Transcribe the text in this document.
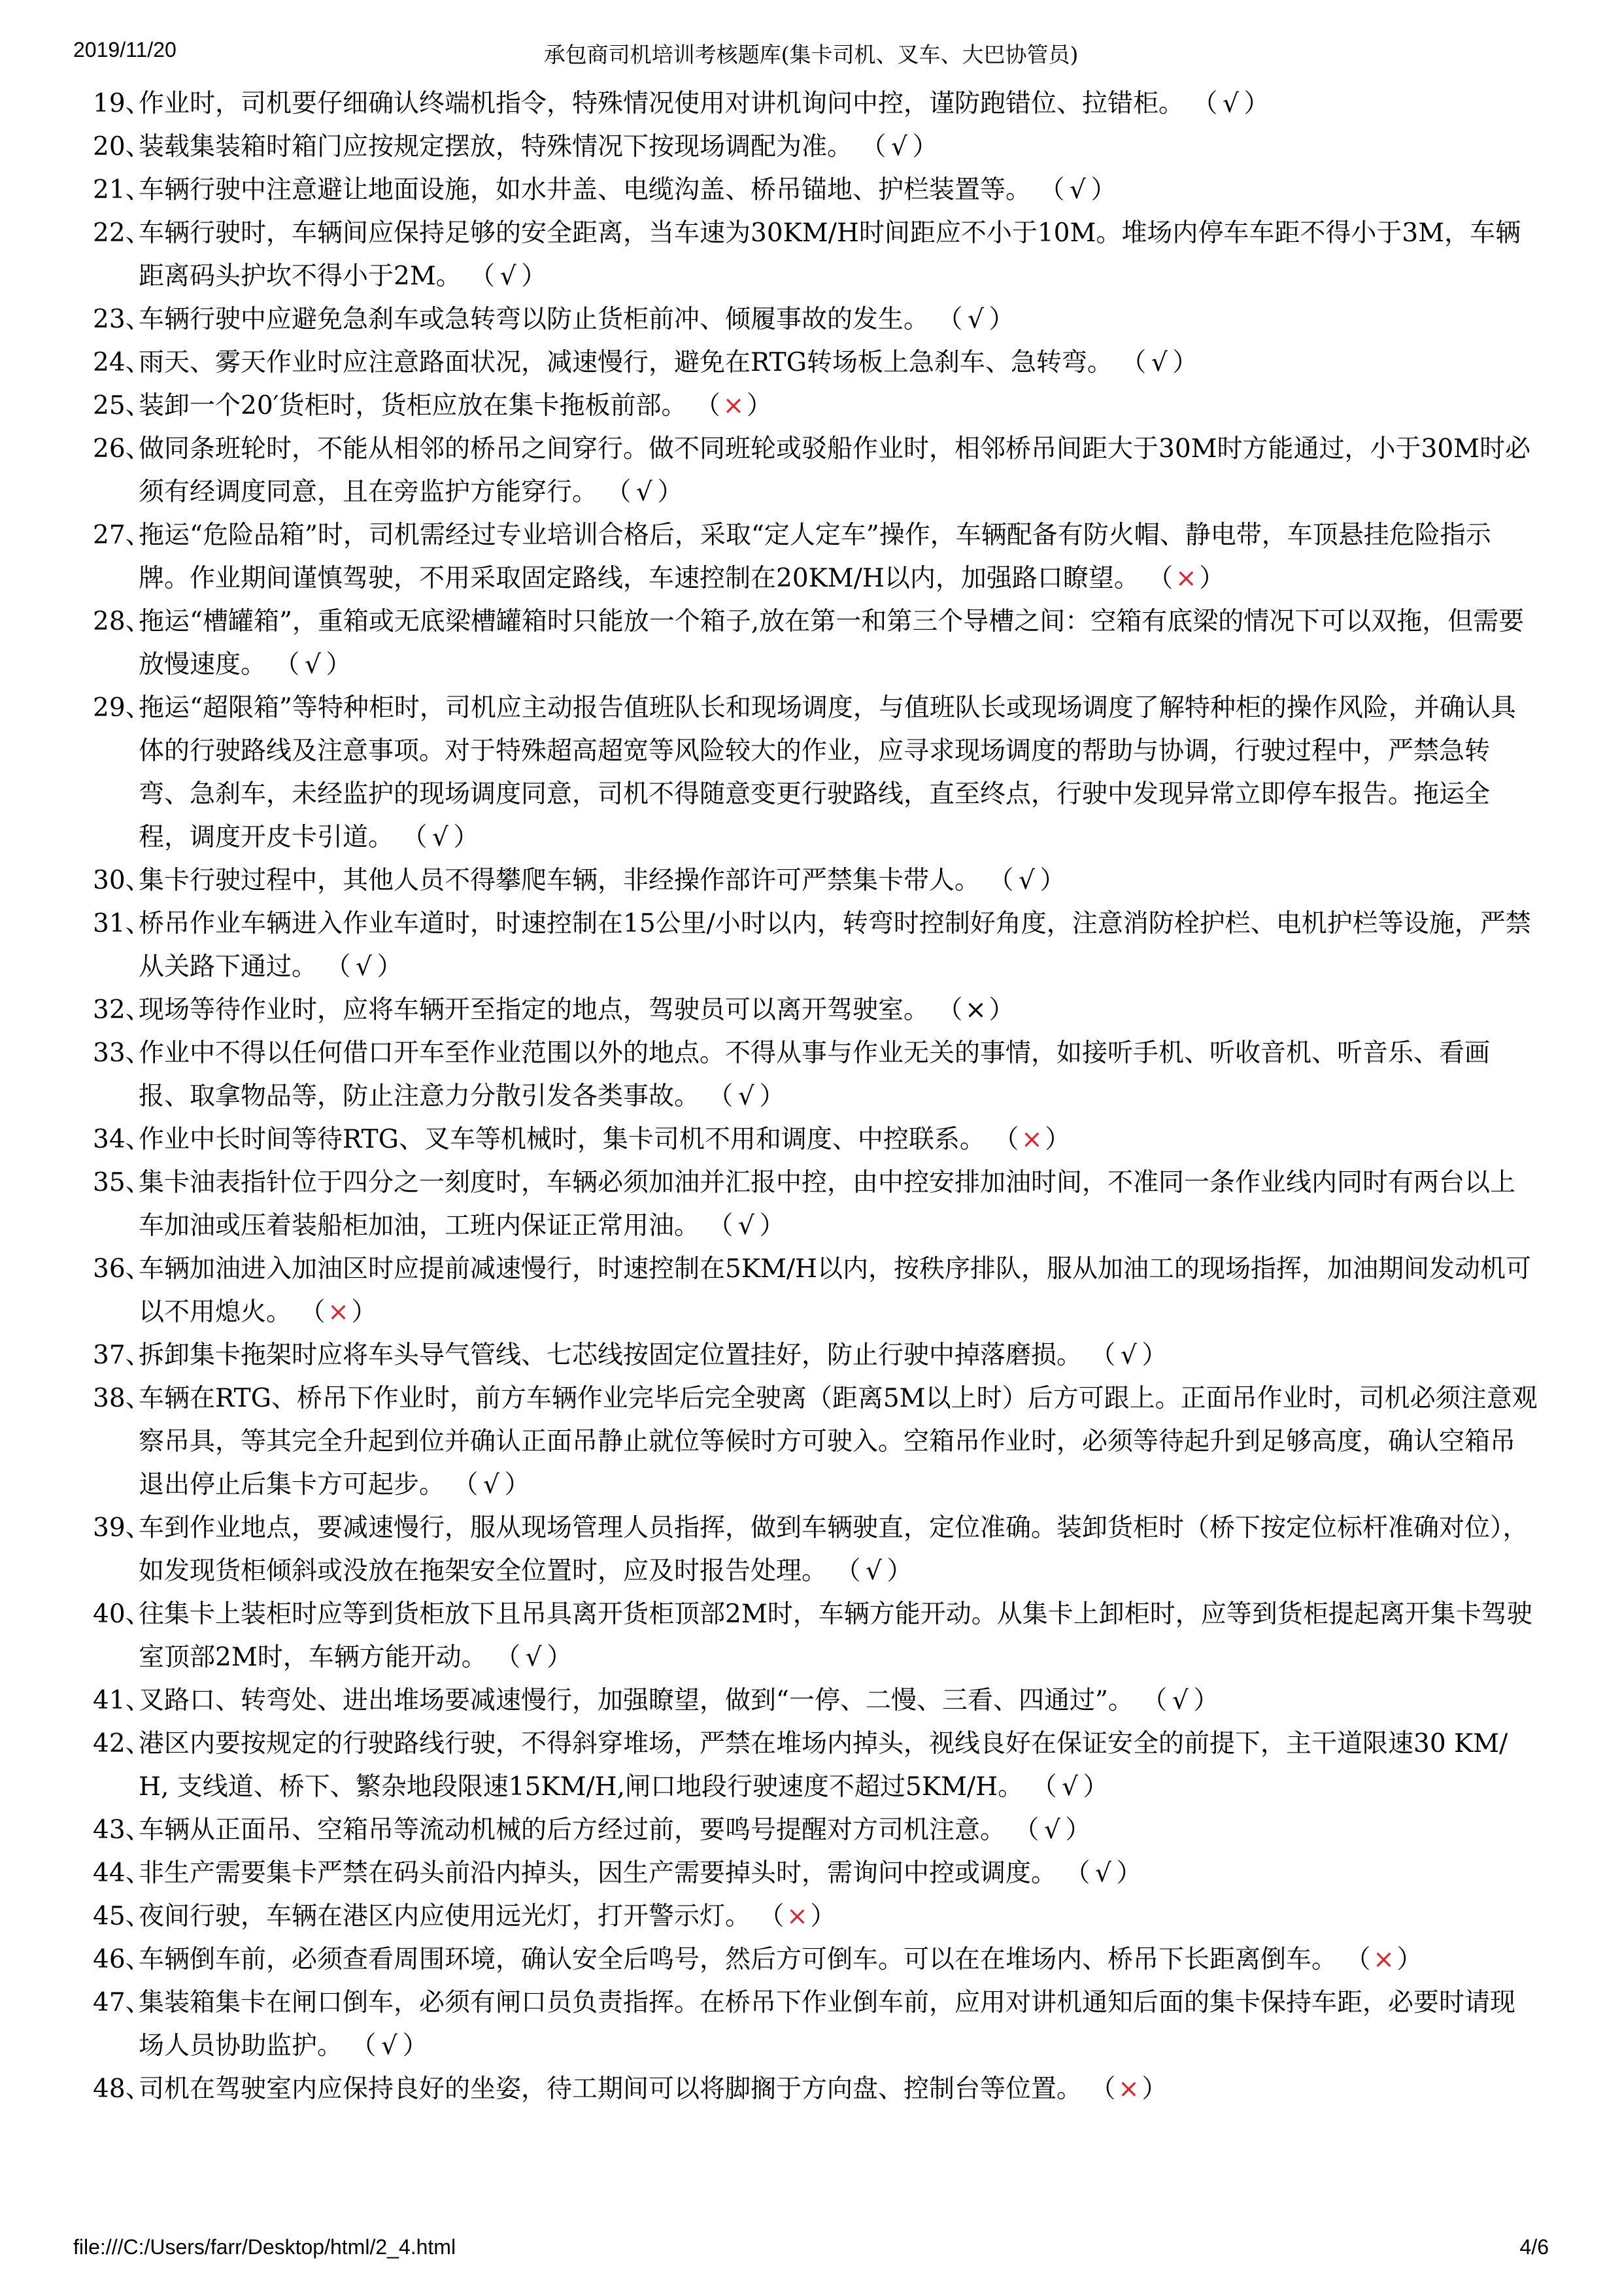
2019/11/20	承包商司机培训考核题库(集卡司机、叉车、大巴协管员)
19、
作业时，司机要仔细确认终端机指令，特殊情况使用对讲机询问中控，谨防跑错位、拉错柜。 （ √ ）
20、
装载集装箱时箱门应按规定摆放，特殊情况下按现场调配为准。 （ √ ）
21、
车辆行驶中注意避让地面设施，如水井盖、电缆沟盖、桥吊锚地、护栏装置等。 （ √ ）
22、
车辆行驶时，车辆间应保持足够的安全距离，当车速为30KM/H时间距应不小于10M。堆场内停车车距不得小于3M，车辆距离码头护坎不得小于2M。 （ √ ）
23、
车辆行驶中应避免急刹车或急转弯以防止货柜前冲、倾履事故的发生。 （ √ ）
24、
雨天、雾天作业时应注意路面状况，减速慢行，避免在RTG转场板上急刹车、急转弯。 （ √ ）
25、
装卸一个20′货柜时，货柜应放在集卡拖板前部。 （×）
26、
做同条班轮时，不能从相邻的桥吊之间穿行。做不同班轮或驳船作业时，相邻桥吊间距大于30M时方能通过，小于30M时必须有经调度同意，且在旁监护方能穿行。 （ √ ）
27、
拖运“危险品箱”时，司机需经过专业培训合格后，采取“定人定车”操作，车辆配备有防火帽、静电带，车顶悬挂危险指示牌。作业期间谨慎驾驶，不用采取固定路线，车速控制在20KM/H以内，加强路口瞭望。 （×）
28、
拖运“槽罐箱”，重箱或无底梁槽罐箱时只能放一个箱子,放在第一和第三个导槽之间：空箱有底梁的情况下可以双拖，但需要放慢速度。 （ √ ）
29、
拖运“超限箱”等特种柜时，司机应主动报告值班队长和现场调度，与值班队长或现场调度了解特种柜的操作风险，并确认具体的行驶路线及注意事项。对于特殊超高超宽等风险较大的作业，应寻求现场调度的帮助与协调，行驶过程中，严禁急转弯、急刹车，未经监护的现场调度同意，司机不得随意变更行驶路线，直至终点，行驶中发现异常立即停车报告。拖运全程，调度开皮卡引道。 （ √ ）
30、
集卡行驶过程中，其他人员不得攀爬车辆，非经操作部许可严禁集卡带人。 （ √ ）
31、
桥吊作业车辆进入作业车道时，时速控制在15公里/小时以内，转弯时控制好角度，注意消防栓护栏、电机护栏等设施，严禁从关路下通过。 （ √ ）
32、
现场等待作业时，应将车辆开至指定的地点，驾驶员可以离开驾驶室。 （×）
33、
作业中不得以任何借口开车至作业范围以外的地点。不得从事与作业无关的事情，如接听手机、听收音机、听音乐、看画报、取拿物品等，防止注意力分散引发各类事故。 （ √ ）
34、
作业中长时间等待RTG、叉车等机械时，集卡司机不用和调度、中控联系。 （×）
35、
集卡油表指针位于四分之一刻度时，车辆必须加油并汇报中控，由中控安排加油时间，不准同一条作业线内同时有两台以上车加油或压着装船柜加油，工班内保证正常用油。 （ √ ）
36、
车辆加油进入加油区时应提前减速慢行，时速控制在5KM/H以内，按秩序排队，服从加油工的现场指挥，加油期间发动机可以不用熄火。 （×）
37、
拆卸集卡拖架时应将车头导气管线、七芯线按固定位置挂好，防止行驶中掉落磨损。 （ √ ）
38、
车辆在RTG、桥吊下作业时，前方车辆作业完毕后完全驶离（距离5M以上时）后方可跟上。正面吊作业时，司机必须注意观察吊具，等其完全升起到位并确认正面吊静止就位等候时方可驶入。空箱吊作业时，必须等待起升到足够高度，确认空箱吊退出停止后集卡方可起步。 （ √ ）
39、
车到作业地点，要减速慢行，服从现场管理人员指挥，做到车辆驶直，定位准确。装卸货柜时（桥下按定位标杆准确对位），如发现货柜倾斜或没放在拖架安全位置时，应及时报告处理。 （ √ ）
40、
往集卡上装柜时应等到货柜放下且吊具离开货柜顶部2M时，车辆方能开动。从集卡上卸柜时，应等到货柜提起离开集卡驾驶室顶部2M时，车辆方能开动。 （ √ ）
41、
叉路口、转弯处、进出堆场要减速慢行，加强瞭望，做到“一停、二慢、三看、四通过”。 （ √ ）
42、
港区内要按规定的行驶路线行驶，不得斜穿堆场，严禁在堆场内掉头，视线良好在保证安全的前提下，主干道限速30 KM/H, 支线道、桥下、繁杂地段限速15KM/H,闸口地段行驶速度不超过5KM/H。 （ √ ）
43、
车辆从正面吊、空箱吊等流动机械的后方经过前，要鸣号提醒对方司机注意。 （ √ ）
44、
非生产需要集卡严禁在码头前沿内掉头，因生产需要掉头时，需询问中控或调度。 （ √ ）
45、
夜间行驶，车辆在港区内应使用远光灯，打开警示灯。 （×）
46、
车辆倒车前，必须查看周围环境，确认安全后鸣号，然后方可倒车。可以在在堆场内、桥吊下长距离倒车。 （×）
47、
集装箱集卡在闸口倒车，必须有闸口员负责指挥。在桥吊下作业倒车前，应用对讲机通知后面的集卡保持车距，必要时请现场人员协助监护。 （ √ ）
48、
司机在驾驶室内应保持良好的坐姿，待工期间可以将脚搁于方向盘、控制台等位置。 （×）
file:///C:/Users/farr/Desktop/html/2_4.html	4/6
